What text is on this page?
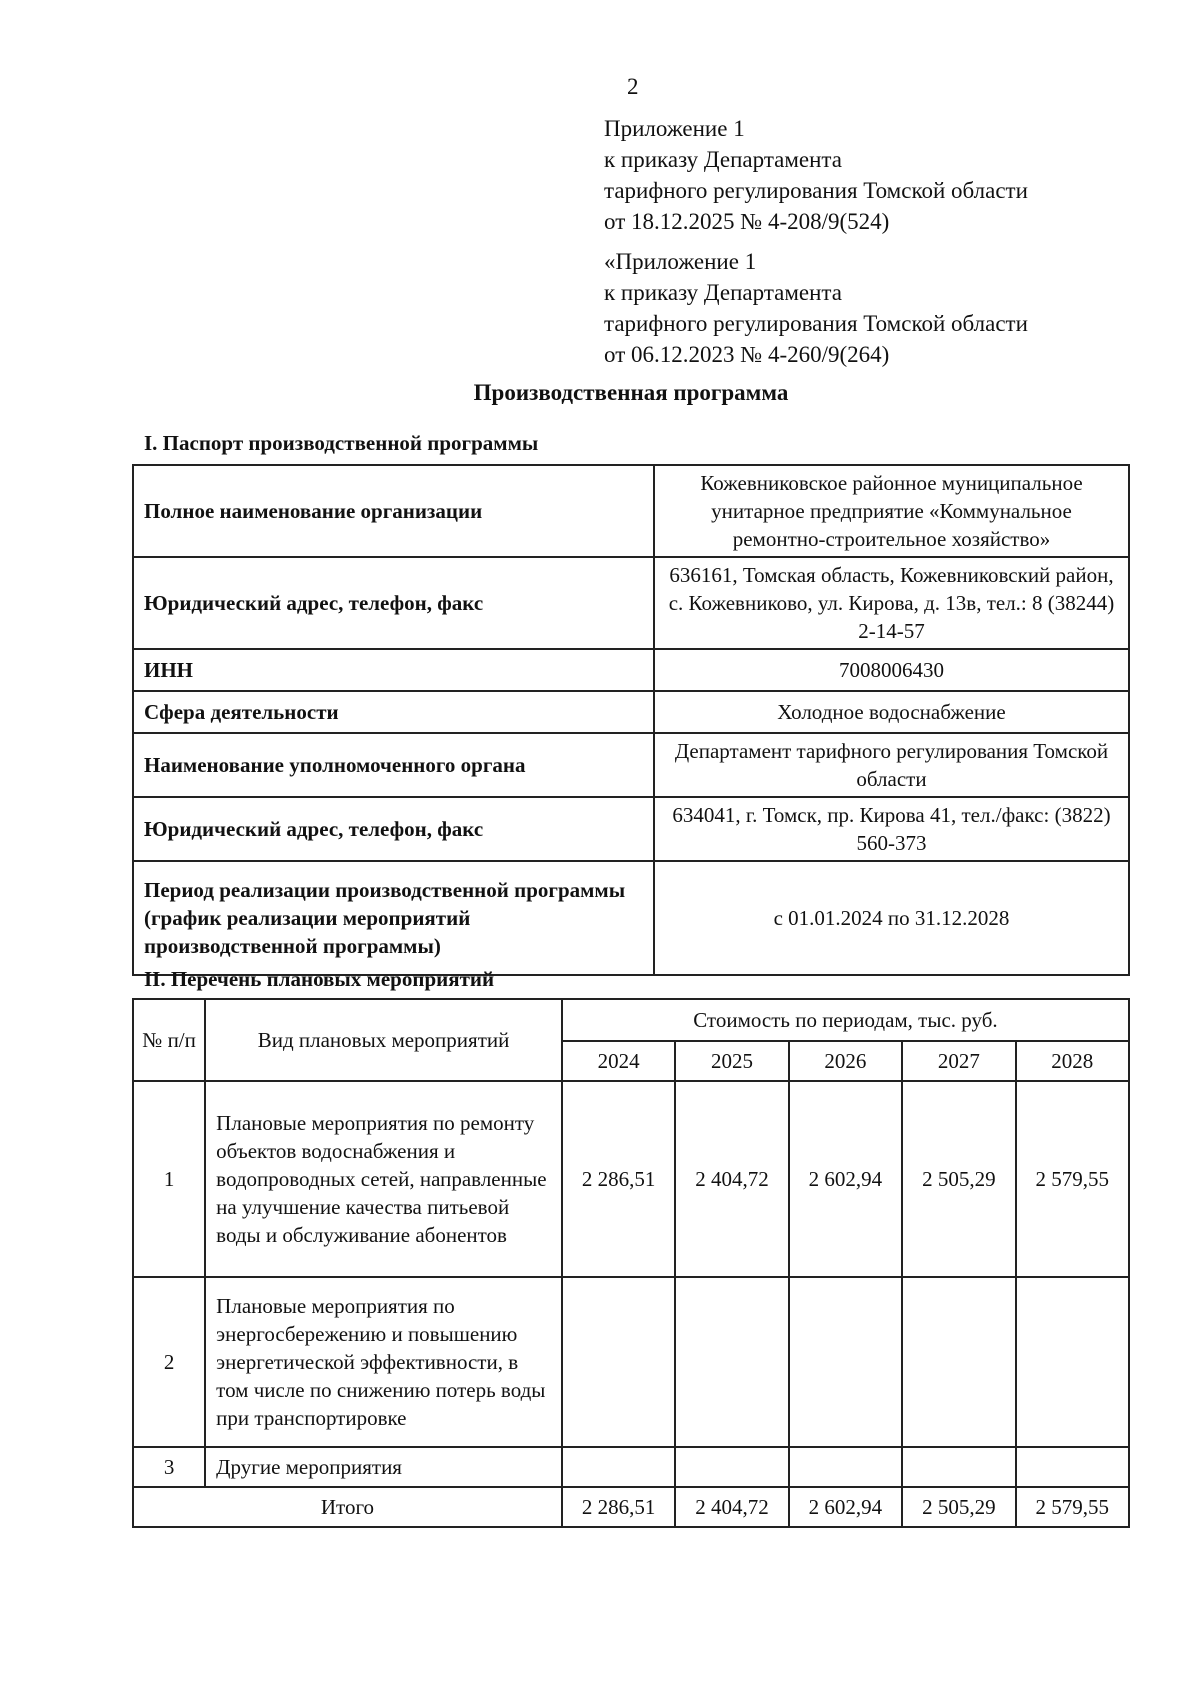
2
Приложение 1
к приказу Департамента
тарифного регулирования Томской области
от 18.12.2025 № 4-208/9(524)
«Приложение 1
к приказу Департамента
тарифного регулирования Томской области
от 06.12.2023 № 4-260/9(264)
Производственная программа
I. Паспорт производственной программы
Полное наименование организации	Кожевниковское районное муниципальное унитарное предприятие «Коммунальное ремонтно-строительное хозяйство»
Юридический адрес, телефон, факс	636161, Томская область, Кожевниковский район, с. Кожевниково, ул. Кирова, д. 13в, тел.: 8 (38244) 2-14-57
ИНН	7008006430
Сфера деятельности	Холодное водоснабжение
Наименование уполномоченного органа	Департамент тарифного регулирования Томской области
Юридический адрес, телефон, факс	634041, г. Томск, пр. Кирова 41, тел./факс: (3822) 560-373
Период реализации производственной программы (график реализации мероприятий производственной программы)	с 01.01.2024 по 31.12.2028
II. Перечень плановых мероприятий
№ п/п	Вид плановых мероприятий	Стоимость по периодам, тыс. руб.				
		2024	2025	2026	2027	2028
1	Плановые мероприятия по ремонту объектов водоснабжения и водопроводных сетей, направленные на улучшение качества питьевой воды и обслуживание абонентов	2 286,51	2 404,72	2 602,94	2 505,29	2 579,55
2	Плановые мероприятия по энергосбережению и повышению энергетической эффективности, в том числе по снижению потерь воды при транспортировке					
3	Другие мероприятия					
Итого		2 286,51	2 404,72	2 602,94	2 505,29	2 579,55
